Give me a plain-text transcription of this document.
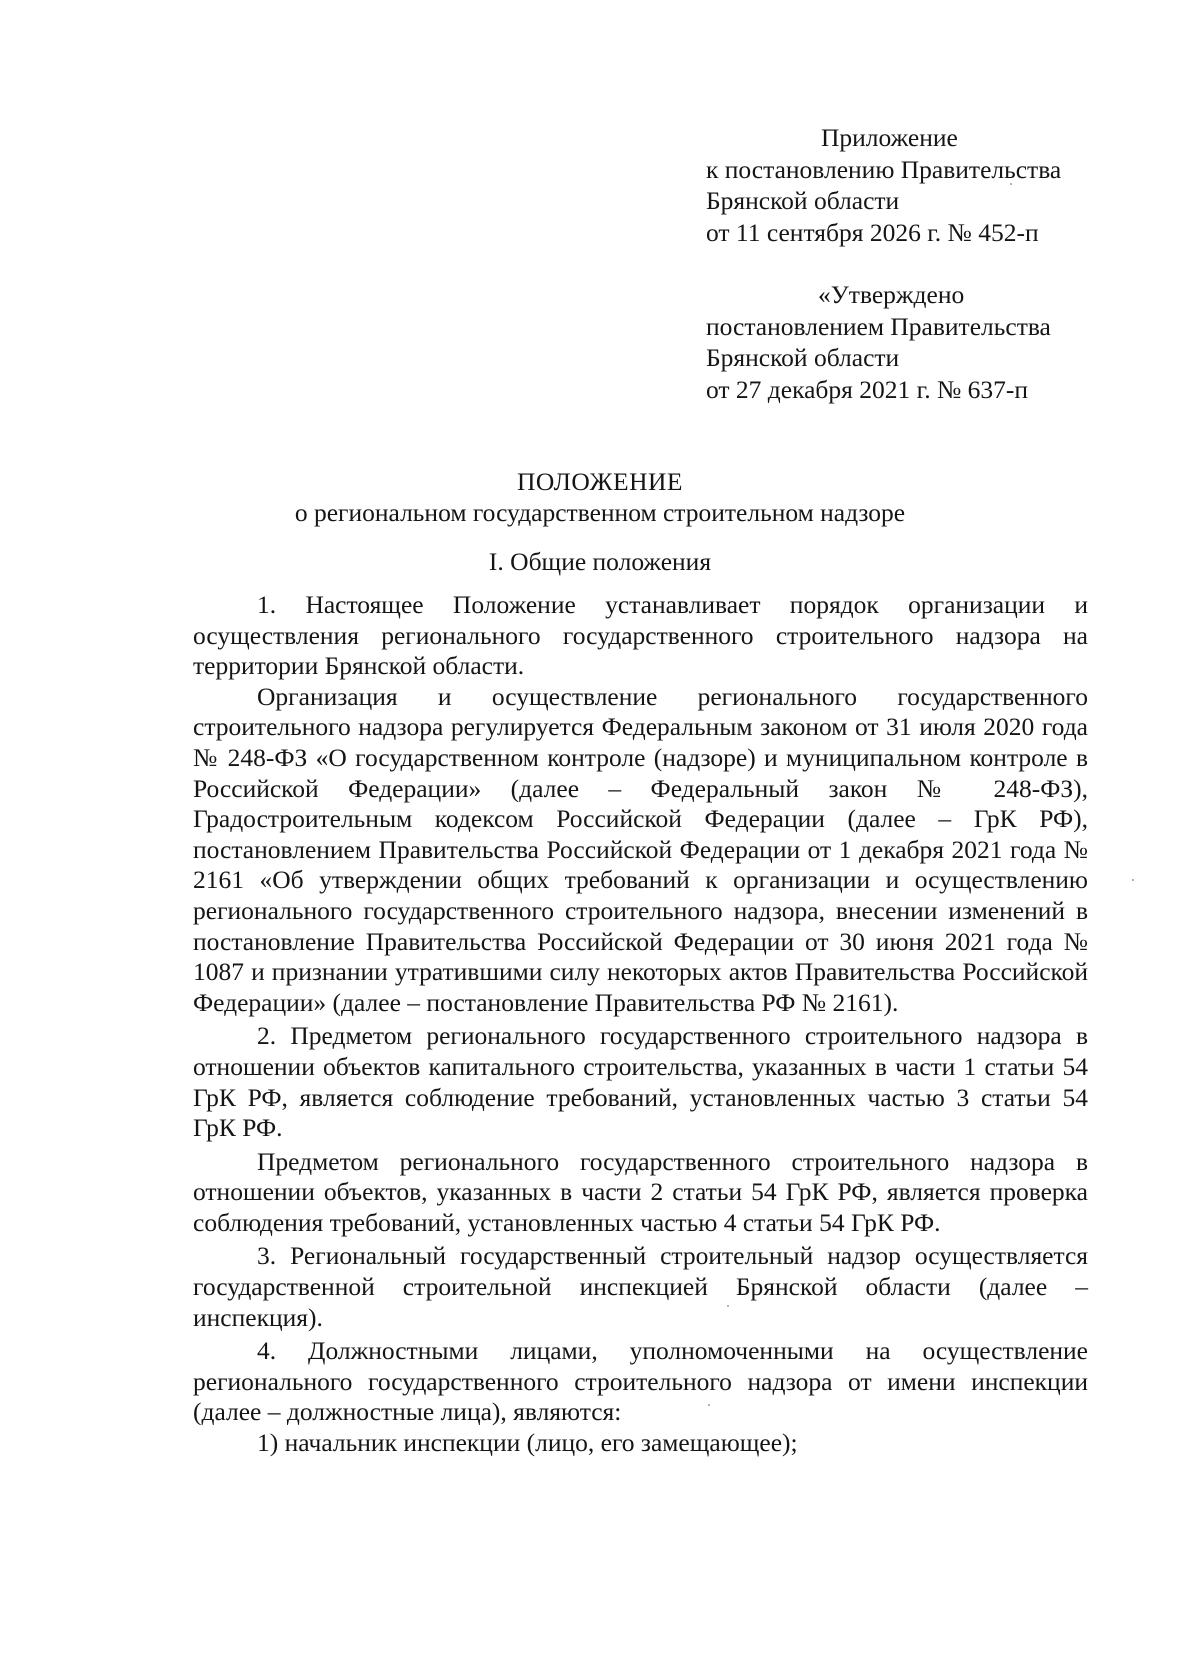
Приложение
к постановлению Правительства
Брянской области
от 11 сентября 2026 г. № 452-п
«Утверждено
постановлением Правительства
Брянской области
от 27 декабря 2021 г. № 637-п
ПОЛОЖЕНИЕ
о региональном государственном строительном надзоре
I. Общие положения

1. Настоящее Положение устанавливает порядок организации и осуществления регионального государственного строительного надзора на территории Брянской области.

Организация и осуществление регионального государственного строительного надзора регулируется Федеральным законом от 31 июля 2020 года № 248-ФЗ «О государственном контроле (надзоре) и муниципальном контроле в Российской Федерации» (далее – Федеральный закон № 248-ФЗ), Градостроительным кодексом Российской Федерации (далее – ГрК РФ), постановлением Правительства Российской Федерации от 1 декабря 2021 года № 2161 «Об утверждении общих требований к организации и осуществлению регионального государственного строительного надзора, внесении изменений в постановление Правительства Российской Федерации от 30 июня 2021 года № 1087 и признании утратившими силу некоторых актов Правительства Российской Федерации» (далее – постановление Правительства РФ № 2161).

2. Предметом регионального государственного строительного надзора в отношении объектов капитального строительства, указанных в части 1 статьи 54 ГрК РФ, является соблюдение требований, установленных частью 3 статьи 54 ГрК РФ.

Предметом регионального государственного строительного надзора в отношении объектов, указанных в части 2 статьи 54 ГрК РФ, является проверка соблюдения требований, установленных частью 4 статьи 54 ГрК РФ.

3. Региональный государственный строительный надзор осуществляется государственной строительной инспекцией Брянской области (далее – инспекция).

4. Должностными лицами, уполномоченными на осуществление регионального государственного строительного надзора от имени инспекции (далее – должностные лица), являются:

1) начальник инспекции (лицо, его замещающее);
